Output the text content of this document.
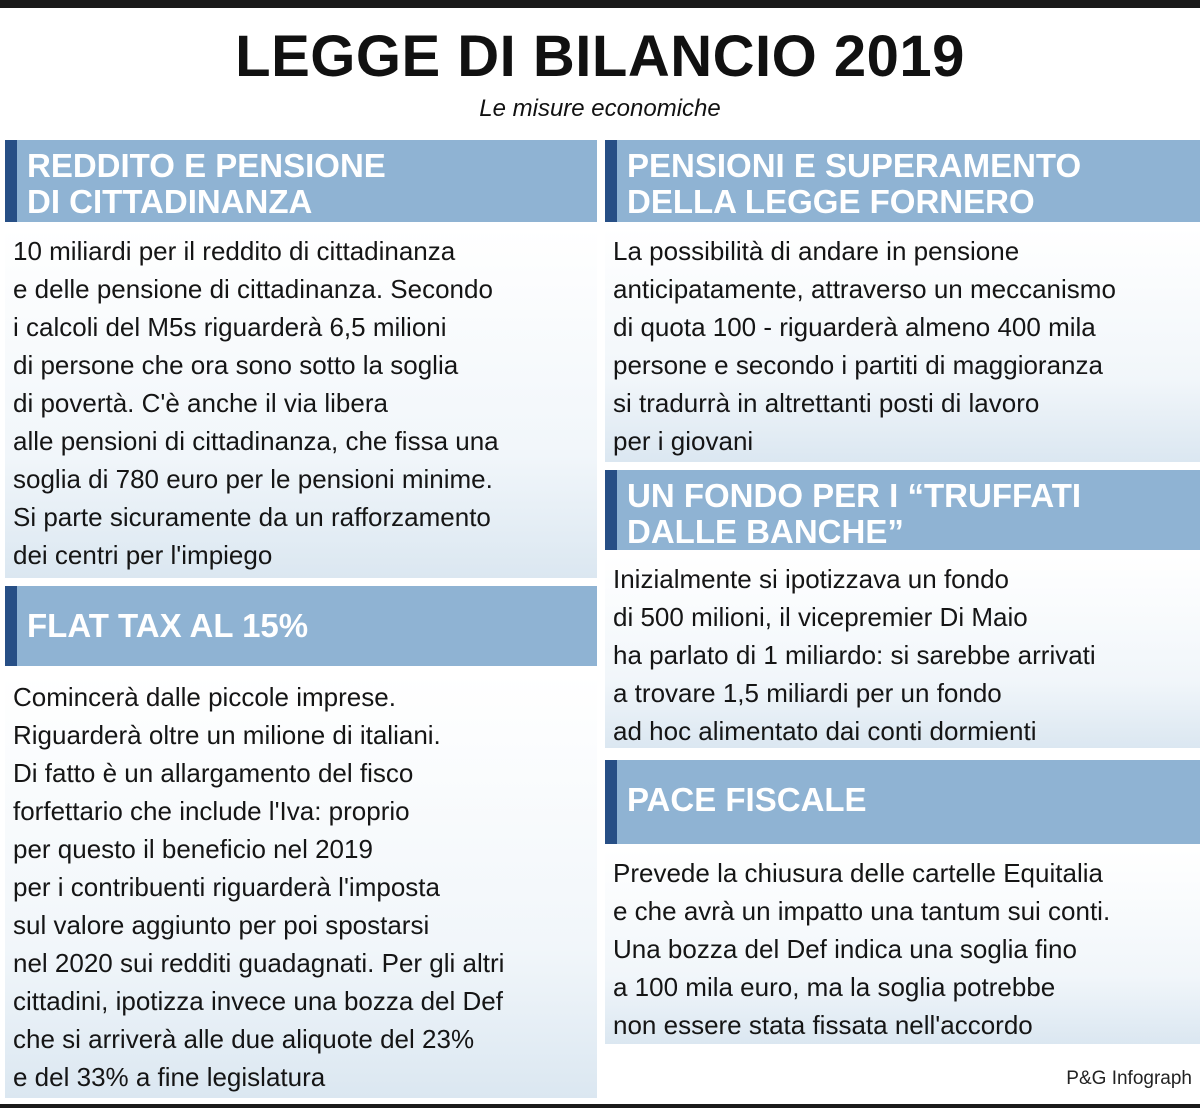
LEGGE DI BILANCIO 2019
Le misure economiche
REDDITO E PENSIONE
DI CITTADINANZA
10 miliardi per il reddito di cittadinanza
e delle pensione di cittadinanza. Secondo
i calcoli del M5s riguarderà 6,5 milioni
di persone che ora sono sotto la soglia
di povertà. C'è anche il via libera
alle pensioni di cittadinanza, che fissa una
soglia di 780 euro per le pensioni minime.
Si parte sicuramente da un rafforzamento
dei centri per l'impiego
FLAT TAX AL 15%
Comincerà dalle piccole imprese.
Riguarderà oltre un milione di italiani.
Di fatto è un allargamento del fisco
forfettario che include l'Iva: proprio
per questo il beneficio nel 2019
per i contribuenti riguarderà l'imposta
sul valore aggiunto per poi spostarsi
nel 2020 sui redditi guadagnati. Per gli altri
cittadini, ipotizza invece una bozza del Def
che si arriverà alle due aliquote del 23%
e del 33% a fine legislatura
PENSIONI E SUPERAMENTO
DELLA LEGGE FORNERO
La possibilità di andare in pensione
anticipatamente, attraverso un meccanismo
di quota 100 - riguarderà almeno 400 mila
persone e secondo i partiti di maggioranza
si tradurrà in altrettanti posti di lavoro
per i giovani
UN FONDO PER I “TRUFFATI
DALLE BANCHE”
Inizialmente si ipotizzava un fondo
di 500 milioni, il vicepremier Di Maio
ha parlato di 1 miliardo: si sarebbe arrivati
a trovare 1,5 miliardi per un fondo
ad hoc alimentato dai conti dormienti
PACE FISCALE
Prevede la chiusura delle cartelle Equitalia
e che avrà un impatto una tantum sui conti.
Una bozza del Def indica una soglia fino
a 100 mila euro, ma la soglia potrebbe
non essere stata fissata nell'accordo
P&G Infograph
